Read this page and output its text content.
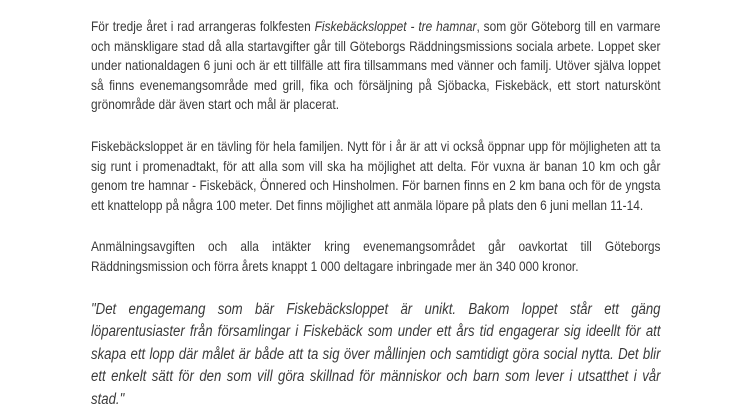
För tredje året i rad arrangeras folkfesten Fiskebäcksloppet - tre hamnar, som gör Göteborg till en varmare och mänskligare stad då alla startavgifter går till Göteborgs Räddningsmissions sociala arbete. Loppet sker under nationaldagen 6 juni och är ett tillfälle att fira tillsammans med vänner och familj. Utöver själva loppet så finns evenemangsområde med grill, fika och försäljning på Sjöbacka, Fiskebäck, ett stort naturskönt grönområde där även start och mål är placerat.

Fiskebäcksloppet är en tävling för hela familjen. Nytt för i år är att vi också öppnar upp för möjligheten att ta sig runt i promenadtakt, för att alla som vill ska ha möjlighet att delta. För vuxna är banan 10 km och går genom tre hamnar - Fiskebäck, Önnered och Hinsholmen. För barnen finns en 2 km bana och för de yngsta ett knattelopp på några 100 meter. Det finns möjlighet att anmäla löpare på plats den 6 juni mellan 11-14.

Anmälningsavgiften och alla intäkter kring evenemangsområdet går oavkortat till Göteborgs Räddningsmission och förra årets knappt 1 000 deltagare inbringade mer än 340 000 kronor.

"Det engagemang som bär Fiskebäcksloppet är unikt. Bakom loppet står ett gäng löparentusiaster från församlingar i Fiskebäck som under ett års tid engagerar sig ideellt för att skapa ett lopp där målet är både att ta sig över mållinjen och samtidigt göra social nytta. Det blir ett enkelt sätt för den som vill göra skillnad för människor och barn som lever i utsatthet i vår stad."
